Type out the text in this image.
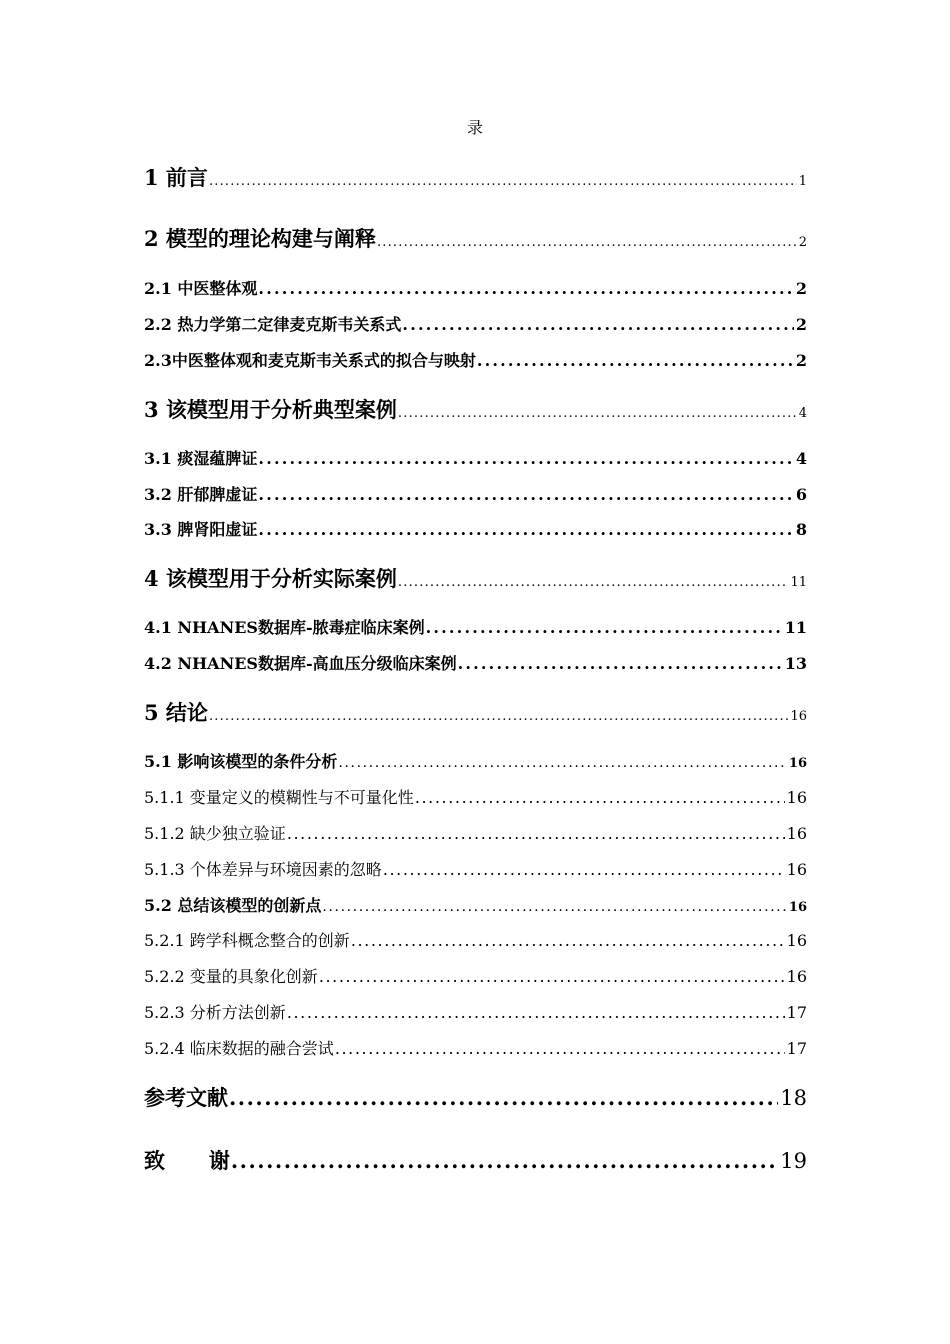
录
1 前言 .....	1
2 模型的理论构建与阐释 .....	2
2.1 中医整体观 .....	2
2.2 热力学第二定律麦克斯韦关系式 .....	2
2.3中医整体观和麦克斯韦关系式的拟合与映射 .....	2
3 该模型用于分析典型案例 .....	4
3.1 痰湿蕴脾证 .....	4
3.2 肝郁脾虚证 .....	6
3.3 脾肾阳虚证 .....	8
4 该模型用于分析实际案例 .....	11
4.1 NHANES数据库-脓毒症临床案例 .....	11
4.2 NHANES数据库-高血压分级临床案例 .....	13
5 结论 .....	16
5.1 影响该模型的条件分析 .....	16
5.1.1 变量定义的模糊性与不可量化性 .....	16
5.1.2 缺少独立验证 .....	16
5.1.3 个体差异与环境因素的忽略 .....	16
5.2 总结该模型的创新点 .....	16
5.2.1 跨学科概念整合的创新 .....	16
5.2.2 变量的具象化创新 .....	16
5.2.3 分析方法创新 .....	17
5.2.4 临床数据的融合尝试 .....	17
参考文献 .....	18
致      谢 .....	19
